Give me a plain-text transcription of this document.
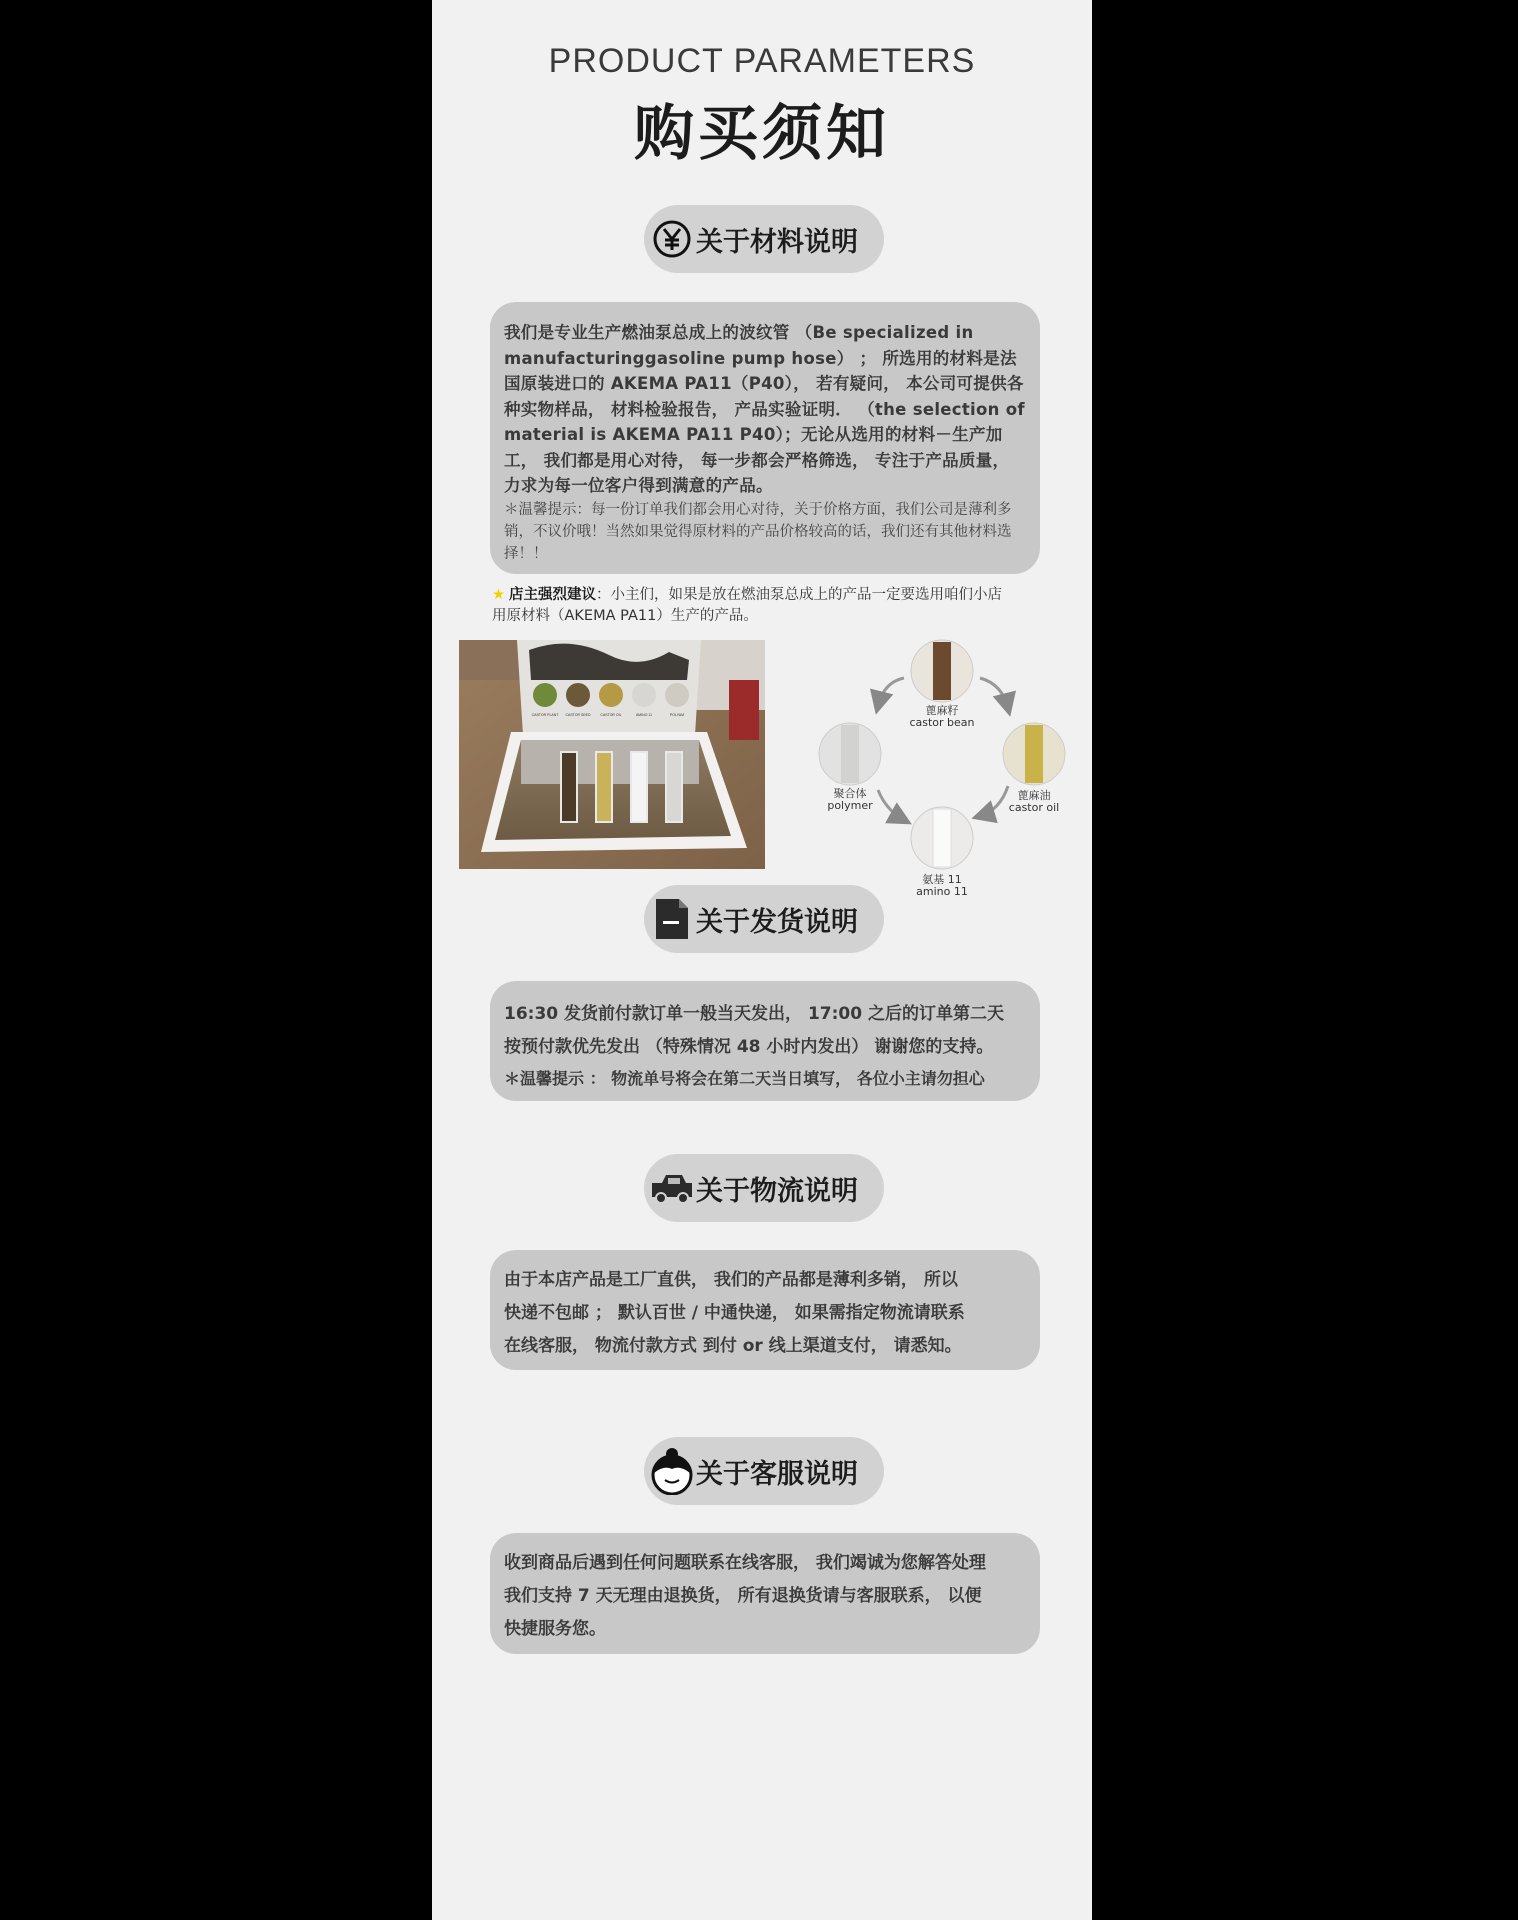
PRODUCT PARAMETERS
购买须知
关于材料说明

我们是专业生产燃油泵总成上的波纹管 （Be specialized in manufacturinggasoline pump hose） ； 所选用的材料是法国原装进口的 AKEMA PA11（P40）， 若有疑问， 本公司可提供各种实物样品， 材料检验报告， 产品实验证明． （the selection of material is AKEMA PA11 P40）；无论从选用的材料－生产加工， 我们都是用心对待， 每一步都会严格筛选， 专注于产品质量， 力求为每一位客户得到满意的产品。

＊温馨提示：每一份订单我们都会用心对待，关于价格方面，我们公司是薄利多销，不议价哦！当然如果觉得原材料的产品价格较高的话，我们还有其他材料选择！！

★ 店主强烈建议：小主们，如果是放在燃油泵总成上的产品一定要选用咱们小店用原材料（AKEMA PA11）生产的产品。
CASTOR PLANT CASTOR SEED	CASTOR OIL	AMINO 11	POLYAM	蓖麻籽
castor bean
蓖麻油
castor oil
氨基 11
amino 11
聚合体
polymer
关于发货说明

16:30 发货前付款订单一般当天发出， 17:00 之后的订单第二天

按预付款优先发出 （特殊情况 48 小时内发出） 谢谢您的支持。

＊温馨提示 ： 物流单号将会在第二天当日填写， 各位小主请勿担心

关于物流说明

由于本店产品是工厂直供， 我们的产品都是薄利多销， 所以

快递不包邮 ； 默认百世 / 中通快递， 如果需指定物流请联系

在线客服， 物流付款方式 到付 or 线上渠道支付， 请悉知。

关于客服说明

收到商品后遇到任何问题联系在线客服， 我们竭诚为您解答处理

我们支持 7 天无理由退换货， 所有退换货请与客服联系， 以便

快捷服务您。
